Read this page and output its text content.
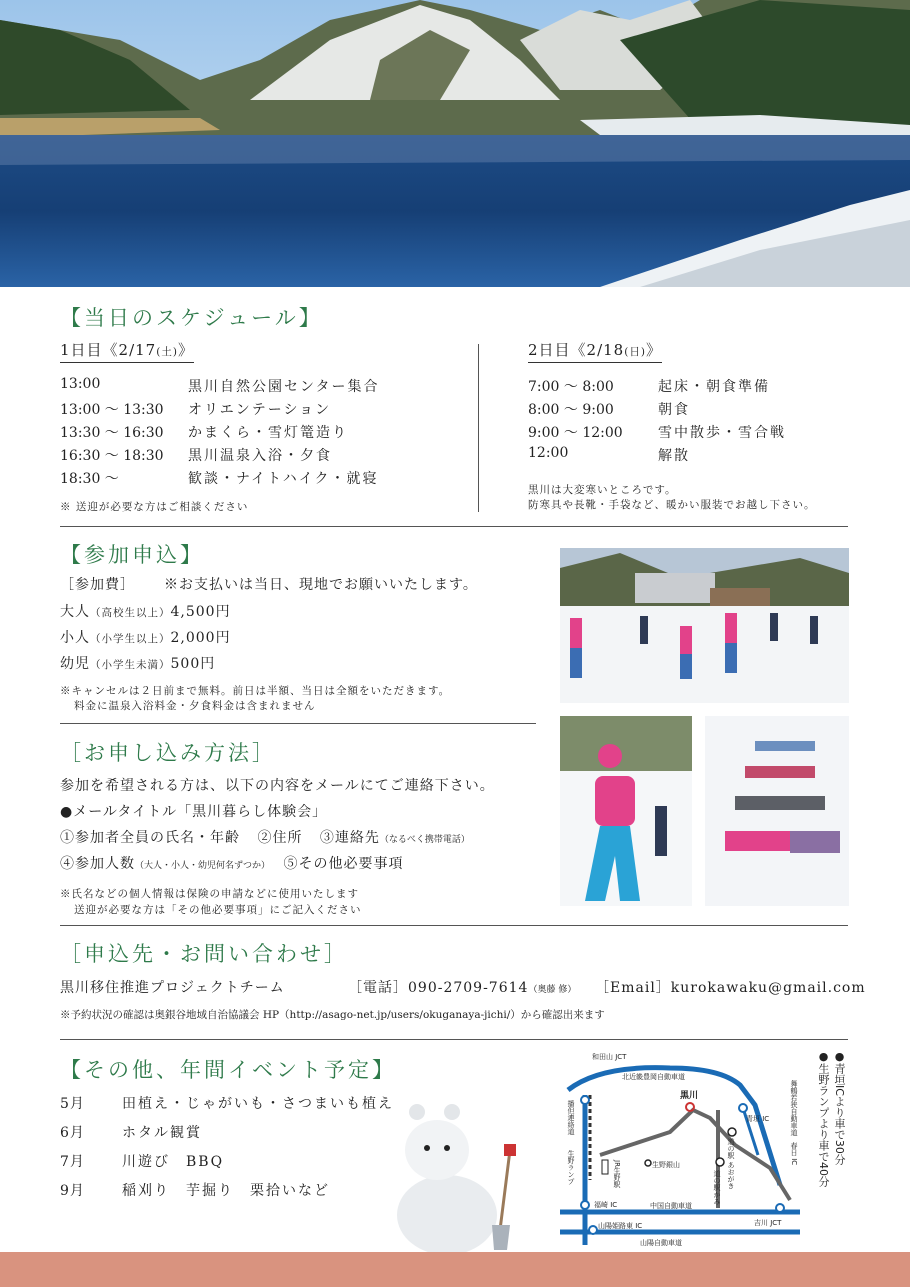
【当日のスケジュール】
1日目《2/17(土)》
13:00	黒川自然公園センター集合
13:00 〜 13:30 オリエンテーション
13:30 〜 16:30 かまくら・雪灯篭造り
16:30 〜 18:30 黒川温泉入浴・夕食
18:30 〜	歓談・ナイトハイク・就寝
※ 送迎が必要な方はご相談ください
2日目《2/18(日)》
7:00 〜 8:00	起床・朝食準備
8:00 〜 9:00	朝食
9:00 〜 12:00	雪中散歩・雪合戦
12:00	解散
黒川は大変寒いところです。
防寒具や長靴・手袋など、暖かい服装でお越し下さい。
【参加申込】
［参加費］ ※お支払いは当日、現地でお願いいたします。
大人（高校生以上）4,500円
小人（小学生以上）2,000円
幼児（小学生未満）500円
※キャンセルは２日前まで無料。前日は半額、当日は全額をいただきます。
料金に温泉入浴料金・夕食料金は含まれません
［お申し込み方法］
参加を希望される方は、以下の内容をメールにてご連絡下さい。
●メールタイトル「黒川暮らし体験会」
①参加者全員の氏名・年齢 ②住所 ③連絡先（なるべく携帯電話）
④参加人数（大人・小人・幼児何名ずつか） ⑤その他必要事項
※氏名などの個人情報は保険の申請などに使用いたします
送迎が必要な方は「その他必要事項」にご記入ください
［申込先・お問い合わせ］
黒川移住推進プロジェクトチーム	［電話］090-2709-7614（奥藤 修） ［Email］kurokawaku@gmail.com
※予約状況の確認は奥銀谷地域自治協議会 HP（http://asago-net.jp/users/okuganaya-jichi/）から確認出来ます
【その他、年間イベント予定】
5月	田植え・じゃがいも・さつまいも植え
6月	ホタル観賞
7月	川遊び　BBQ
9月	稲刈り　芋掘り　栗拾いなど
和田山 JCT
北近畿豊岡自動車道
播但連絡道
生野ランプ	JR生野駅	生野銀山
黒川
青垣 IC
道の駅 あおがき
道の駅かみ
舞鶴若狭自動車道
春日 IC
福崎 IC	中国自動車道
吉川 JCT
山陽姫路東 IC
山陽自動車道
●青垣ICより車で30分
●生野ランプより車で40分
